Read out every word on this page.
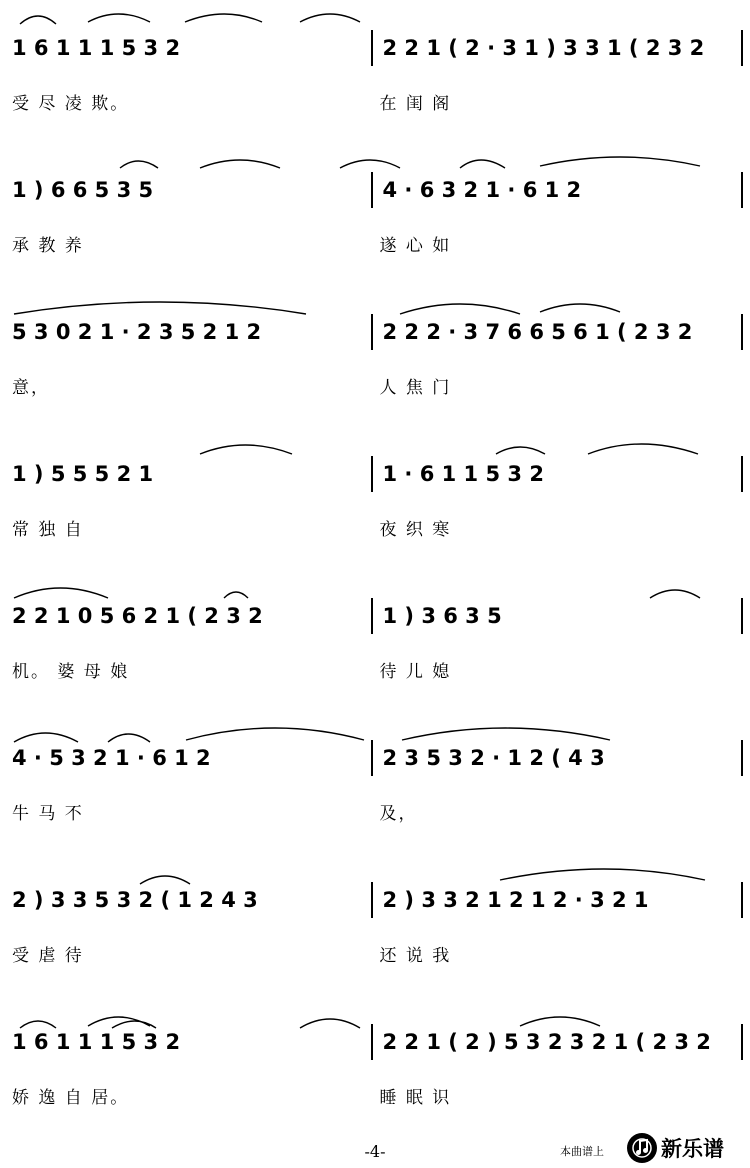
1 6 1 1 1 5 3 2	2 2 1 ( 2 · 3 1 ) 3 3 1 ( 2 3 2
受 尽 凌 欺。	在 闺 阁
1 ) 6 6 5 3 5	4 · 6 3 2 1 · 6 1 2
承 教 养	遂 心 如
5 3 0 2 1 · 2 3 5 2 1 2	2 2 2 · 3 7 6 6 5 6 1 ( 2 3 2
意，	人 焦 门
1 ) 5 5 5 2 1	1 · 6 1 1 5 3 2
常 独 自	夜 织 寒
2 2 1 0 5 6 2 1 ( 2 3 2	1 ) 3 6 3 5
机。 婆 母 娘	待 儿 媳
4 · 5 3 2 1 · 6 1 2	2 3 5 3 2 · 1 2 ( 4 3
牛 马 不	及，
2 ) 3 3 5 3 2 ( 1 2 4 3	2 ) 3 3 2 1 2 1 2 · 3 2 1
受 虐 待	还 说 我
1 6 1 1 1 5 3 2	2 2 1 ( 2 ) 5 3 2 3 2 1 ( 2 3 2
娇 逸 自 居。	睡 眠 识
-4-	本曲谱上	新乐谱
